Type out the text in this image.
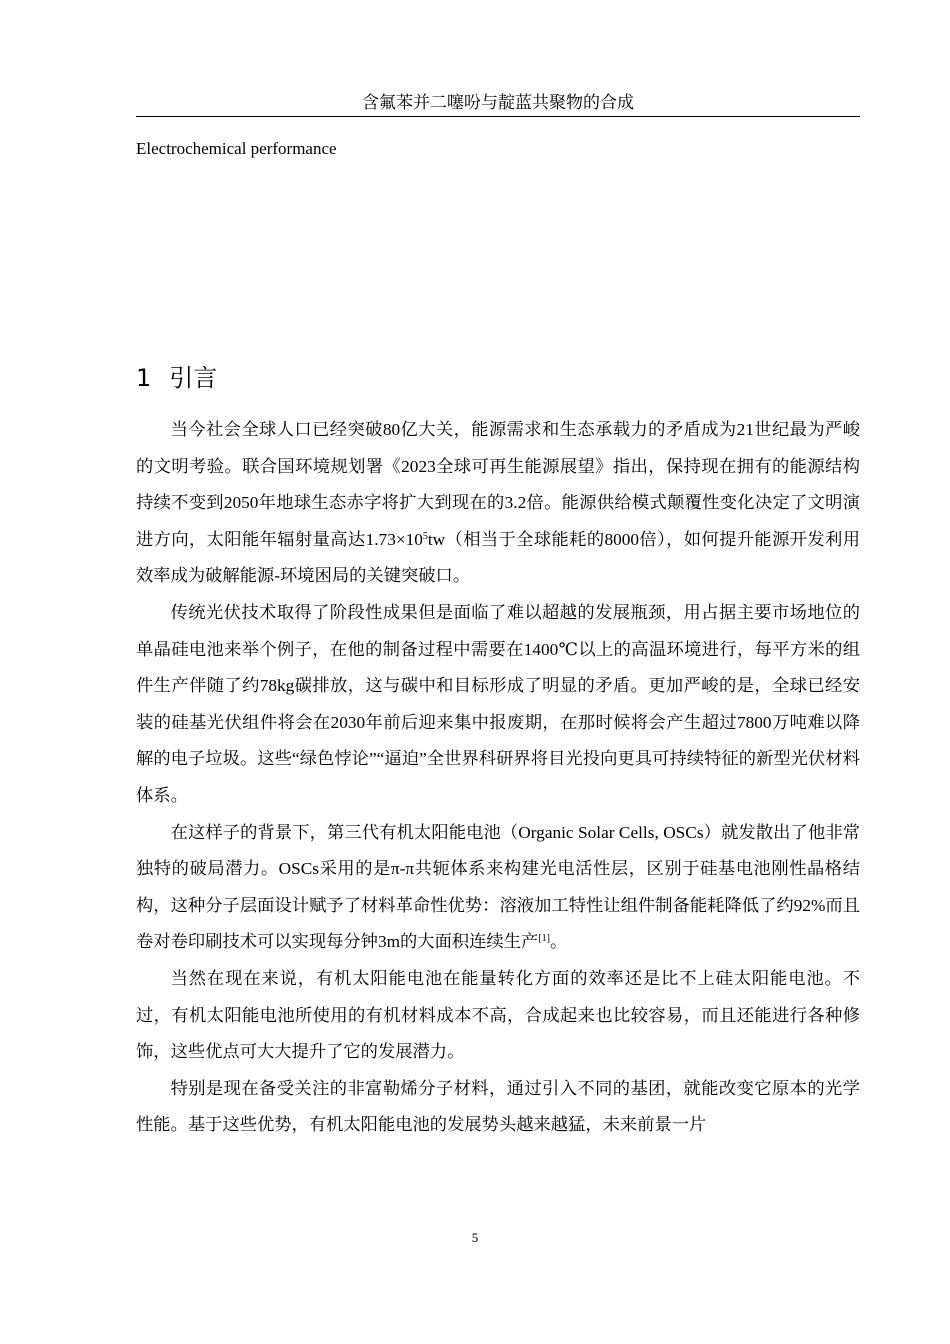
含氟苯并二噻吩与靛蓝共聚物的合成
Electrochemical performance
1 引言

当今社会全球人口已经突破80亿大关，能源需求和生态承载力的矛盾成为21世纪最为严峻的文明考验。联合国环境规划署《2023全球可再生能源展望》指出，保持现在拥有的能源结构持续不变到2050年地球生态赤字将扩大到现在的3.2倍。能源供给模式颠覆性变化决定了文明演进方向，太阳能年辐射量高达$1.73\times 10^5tw$（相当于全球能耗的8000倍），如何提升能源开发利用效率成为破解能源-环境困局的关键突破口。

传统光伏技术取得了阶段性成果但是面临了难以超越的发展瓶颈，用占据主要市场地位的单晶硅电池来举个例子，在他的制备过程中需要在1400℃以上的高温环境进行，每平方米的组件生产伴随了约78kg碳排放，这与碳中和目标形成了明显的矛盾。更加严峻的是，全球已经安装的硅基光伏组件将会在2030年前后迎来集中报废期，在那时候将会产生超过7800万吨难以降解的电子垃圾。这些“绿色悖论”“逼迫”全世界科研界将目光投向更具可持续特征的新型光伏材料体系。

在这样子的背景下，第三代有机太阳能电池（Organic Solar Cells, OSCs）就发散出了他非常独特的破局潜力。OSCs采用的是π-π共轭体系来构建光电活性层，区别于硅基电池刚性晶格结构，这种分子层面设计赋予了材料革命性优势：溶液加工特性让组件制备能耗降低了约92%而且卷对卷印刷技术可以实现每分钟3m的大面积连续生产[1]。

当然在现在来说，有机太阳能电池在能量转化方面的效率还是比不上硅太阳能电池。不过，有机太阳能电池所使用的有机材料成本不高，合成起来也比较容易，而且还能进行各种修饰，这些优点可大大提升了它的发展潜力。

特别是现在备受关注的非富勒烯分子材料，通过引入不同的基团，就能改变它原本的光学性能。基于这些优势，有机太阳能电池的发展势头越来越猛，未来前景一片

5
